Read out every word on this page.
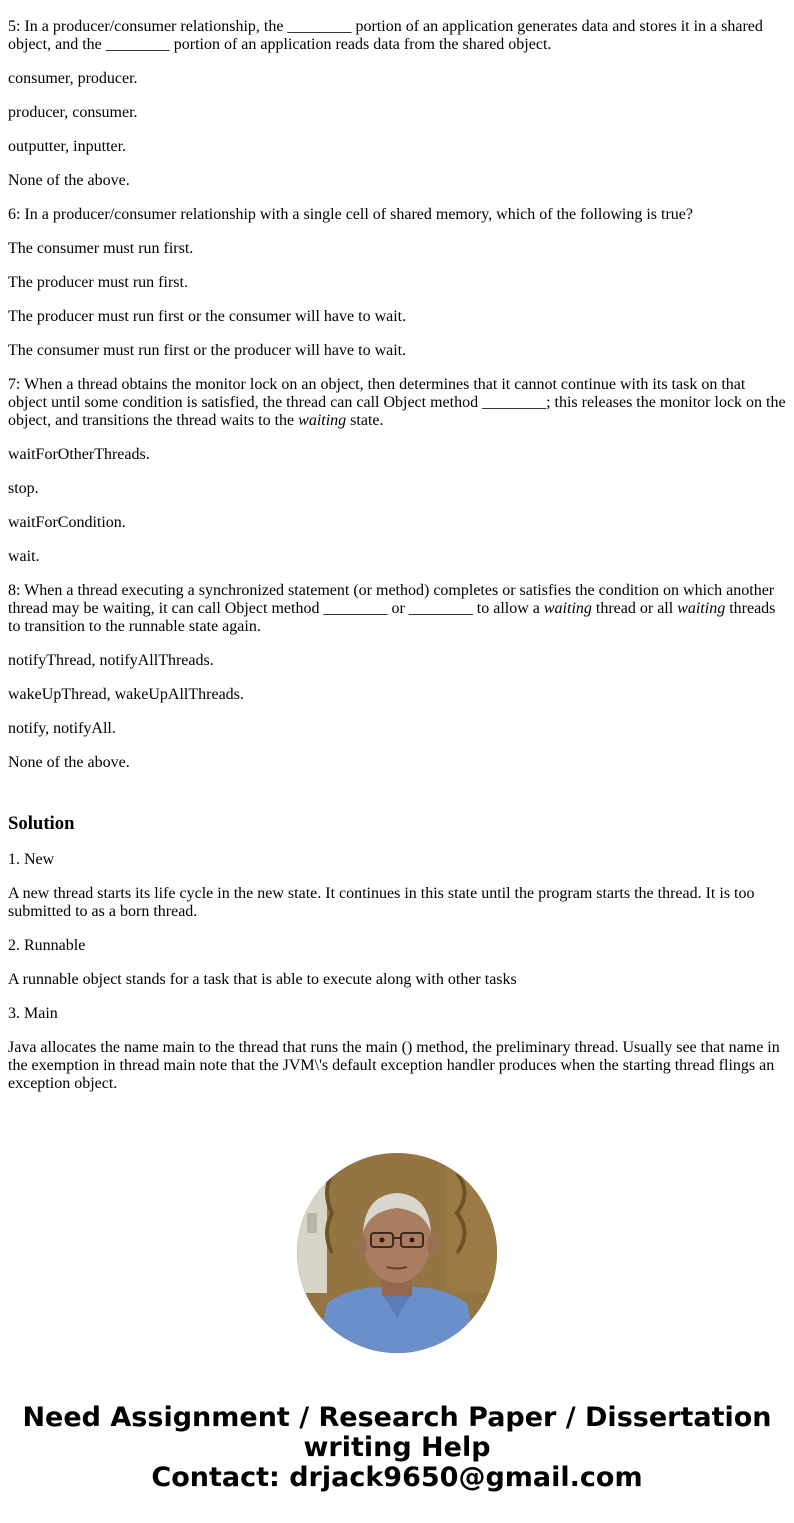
5: In a producer/consumer relationship, the ________ portion of an application generates data and stores it in a shared object, and the ________ portion of an application reads data from the shared object.

consumer, producer.

producer, consumer.

outputter, inputter.

None of the above.

6: In a producer/consumer relationship with a single cell of shared memory, which of the following is true?

The consumer must run first.

The producer must run first.

The producer must run first or the consumer will have to wait.

The consumer must run first or the producer will have to wait.

7: When a thread obtains the monitor lock on an object, then determines that it cannot continue with its task on that object until some condition is satisfied, the thread can call Object method ________; this releases the monitor lock on the object, and transitions the thread waits to the waiting state.

waitForOtherThreads.

stop.

waitForCondition.

wait.

8: When a thread executing a synchronized statement (or method) completes or satisfies the condition on which another thread may be waiting, it can call Object method ________ or ________ to allow a waiting thread or all waiting threads to transition to the runnable state again.

notifyThread, notifyAllThreads.

wakeUpThread, wakeUpAllThreads.

notify, notifyAll.

None of the above.

Solution

1. New

A new thread starts its life cycle in the new state. It continues in this state until the program starts the thread. It is too submitted to as a born thread.

2. Runnable

A runnable object stands for a task that is able to execute along with other tasks

3. Main

Java allocates the name main to the thread that runs the main () method, the preliminary thread. Usually see that name in the exemption in thread main note that the JVM\'s default exception handler produces when the starting thread flings an exception object.

Need Assignment / Research Paper / Dissertation
writing Help
Contact: drjack9650@gmail.com
